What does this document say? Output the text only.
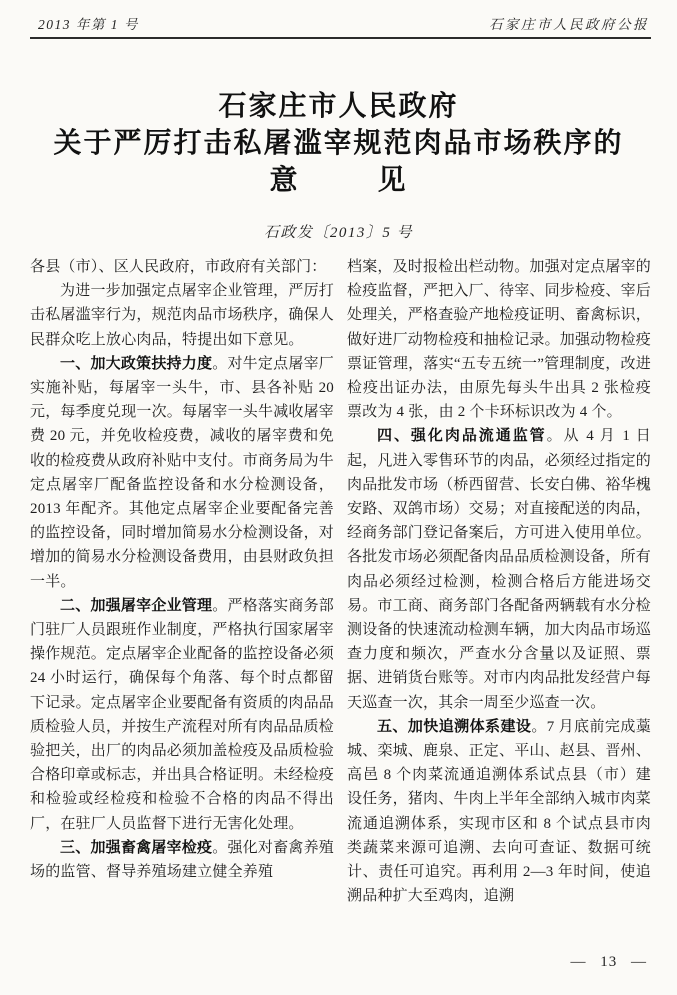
2013 年第 1 号	石家庄市人民政府公报
石家庄市人民政府
关于严厉打击私屠滥宰规范肉品市场秩序的
意	见
石政发〔2013〕5 号

各县（市）、区人民政府，市政府有关部门：

为进一步加强定点屠宰企业管理，严厉打击私屠滥宰行为，规范肉品市场秩序，确保人民群众吃上放心肉品，特提出如下意见。

一、加大政策扶持力度。对牛定点屠宰厂实施补贴，每屠宰一头牛，市、县各补贴 20 元，每季度兑现一次。每屠宰一头牛减收屠宰费 20 元，并免收检疫费，减收的屠宰费和免收的检疫费从政府补贴中支付。市商务局为牛定点屠宰厂配备监控设备和水分检测设备，2013 年配齐。其他定点屠宰企业要配备完善的监控设备，同时增加简易水分检测设备，对增加的简易水分检测设备费用，由县财政负担一半。

二、加强屠宰企业管理。严格落实商务部门驻厂人员跟班作业制度，严格执行国家屠宰操作规范。定点屠宰企业配备的监控设备必须 24 小时运行，确保每个角落、每个时点都留下记录。定点屠宰企业要配备有资质的肉品品质检验人员，并按生产流程对所有肉品品质检验把关，出厂的肉品必须加盖检疫及品质检验合格印章或标志，并出具合格证明。未经检疫和检验或经检疫和检验不合格的肉品不得出厂，在驻厂人员监督下进行无害化处理。

三、加强畜禽屠宰检疫。强化对畜禽养殖场的监管、督导养殖场建立健全养殖

档案，及时报检出栏动物。加强对定点屠宰的检疫监督，严把入厂、待宰、同步检疫、宰后处理关，严格查验产地检疫证明、畜禽标识，做好进厂动物检疫和抽检记录。加强动物检疫票证管理，落实“五专五统一”管理制度，改进检疫出证办法，由原先每头牛出具 2 张检疫票改为 4 张，由 2 个卡环标识改为 4 个。

四、强化肉品流通监管。从 4 月 1 日起，凡进入零售环节的肉品，必须经过指定的肉品批发市场（桥西留营、长安白佛、裕华槐安路、双鸽市场）交易；对直接配送的肉品，经商务部门登记备案后，方可进入使用单位。各批发市场必须配备肉品品质检测设备，所有肉品必须经过检测，检测合格后方能进场交易。市工商、商务部门各配备两辆载有水分检测设备的快速流动检测车辆，加大肉品市场巡查力度和频次，严查水分含量以及证照、票据、进销货台账等。对市内肉品批发经营户每天巡查一次，其余一周至少巡查一次。

五、加快追溯体系建设。7 月底前完成藁城、栾城、鹿泉、正定、平山、赵县、晋州、高邑 8 个肉菜流通追溯体系试点县（市）建设任务，猪肉、牛肉上半年全部纳入城市肉菜流通追溯体系，实现市区和 8 个试点县市肉类蔬菜来源可追溯、去向可查证、数据可统计、责任可追究。再利用 2—3 年时间，使追溯品种扩大至鸡肉，追溯

— 13 —
